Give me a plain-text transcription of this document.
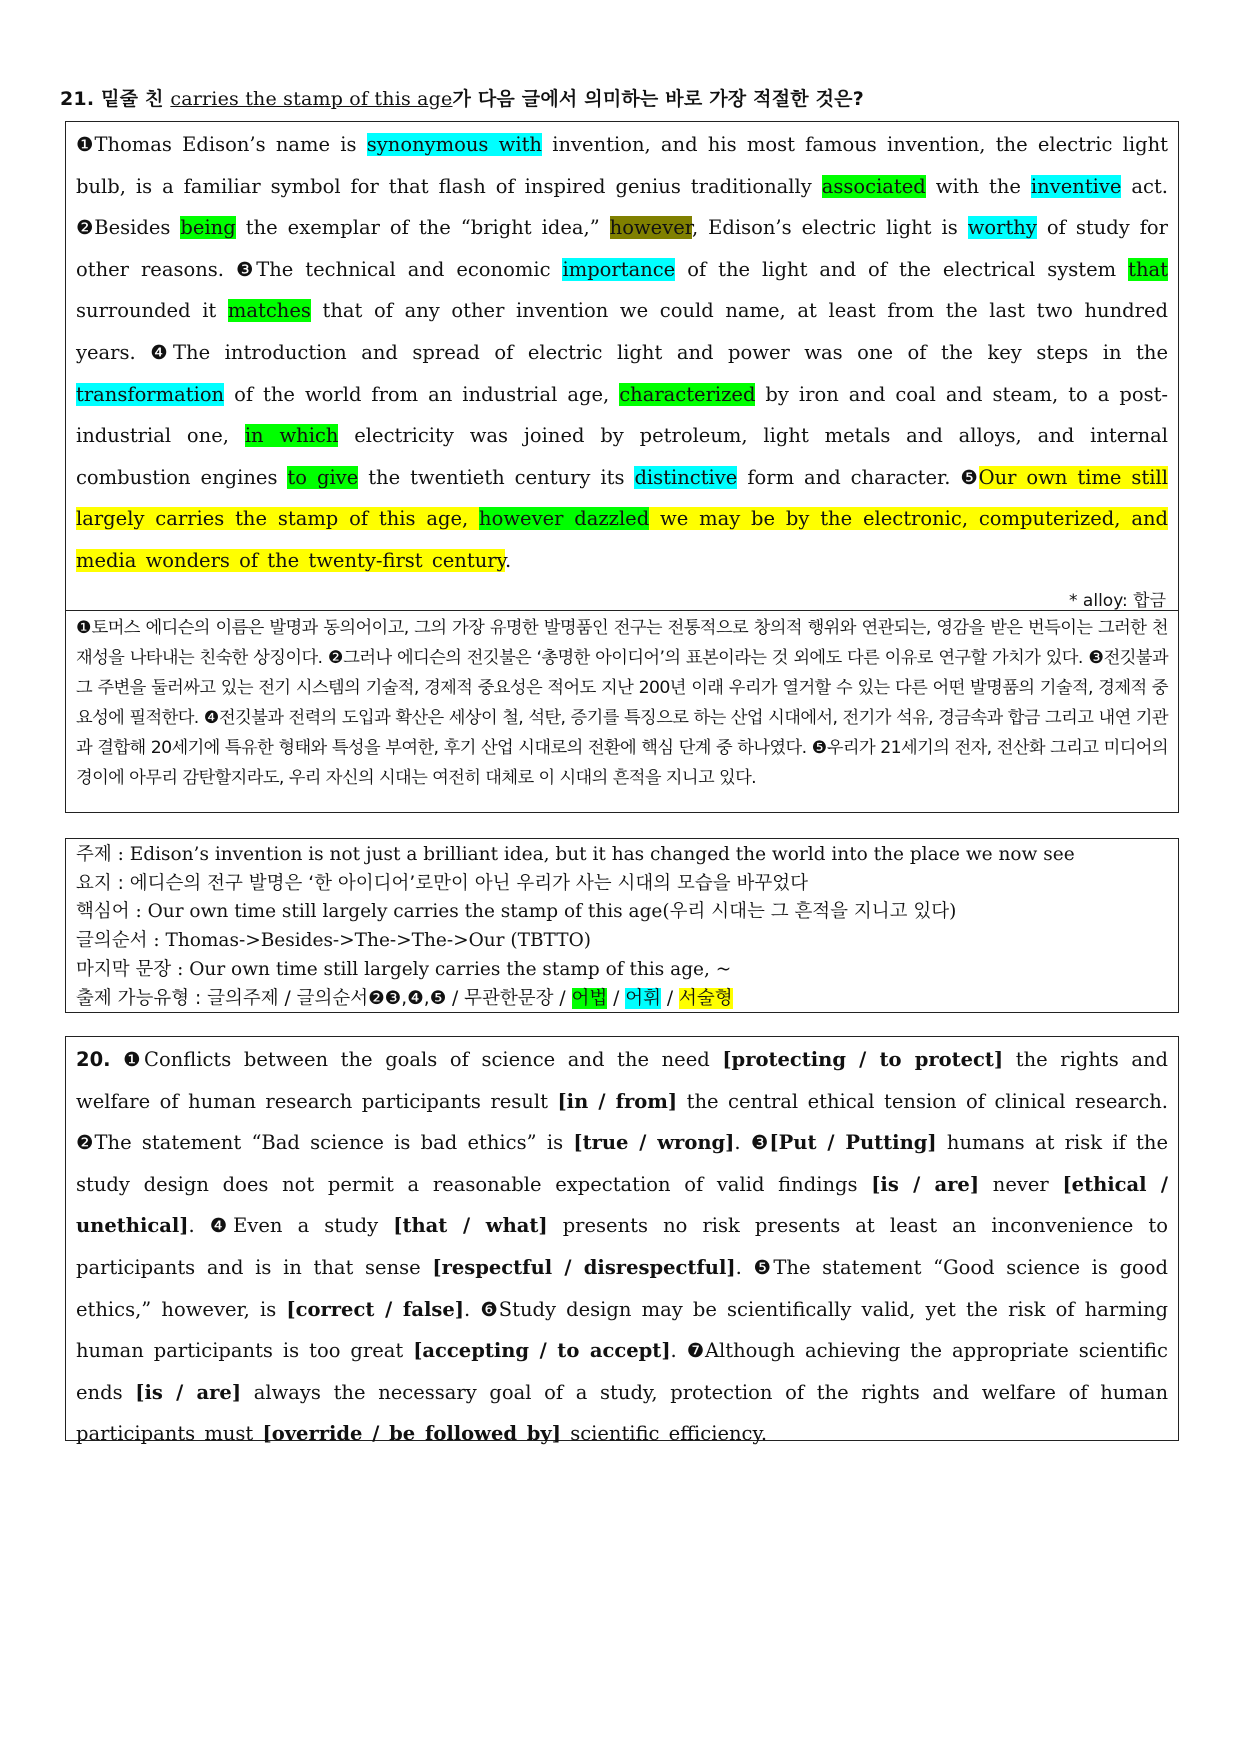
21. 밑줄 친 carries the stamp of this age가 다음 글에서 의미하는 바로 가장 적절한 것은?

❶Thomas Edison’s name is synonymous with invention, and his most famous invention, the electric light bulb, is a familiar symbol for that flash of inspired genius traditionally associated with the inventive act. ❷Besides being the exemplar of the “bright idea,” however, Edison’s electric light is worthy of study for other reasons. ❸The technical and economic importance of the light and of the electrical system that surrounded it matches that of any other invention we could name, at least from the last two hundred years. ❹The introduction and spread of electric light and power was one of the key steps in the transformation of the world from an industrial age, characterized by iron and coal and steam, to a post-industrial one, in which electricity was joined by petroleum, light metals and alloys, and internal combustion engines to give the twentieth century its distinctive form and character. ❺Our own time still largely carries the stamp of this age, however dazzled we may be by the electronic, computerized, and media wonders of the twenty-first century.

* alloy: 합금

❶토머스 에디슨의 이름은 발명과 동의어이고, 그의 가장 유명한 발명품인 전구는 전통적으로 창의적 행위와 연관되는, 영감을 받은 번득이는 그러한 천재성을 나타내는 친숙한 상징이다. ❷그러나 에디슨의 전깃불은 ‘총명한 아이디어’의 표본이라는 것 외에도 다른 이유로 연구할 가치가 있다. ❸전깃불과 그 주변을 둘러싸고 있는 전기 시스템의 기술적, 경제적 중요성은 적어도 지난 200년 이래 우리가 열거할 수 있는 다른 어떤 발명품의 기술적, 경제적 중요성에 필적한다. ❹전깃불과 전력의 도입과 확산은 세상이 철, 석탄, 증기를 특징으로 하는 산업 시대에서, 전기가 석유, 경금속과 합금 그리고 내연 기관과 결합해 20세기에 특유한 형태와 특성을 부여한, 후기 산업 시대로의 전환에 핵심 단계 중 하나였다. ❺우리가 21세기의 전자, 전산화 그리고 미디어의 경이에 아무리 감탄할지라도, 우리 자신의 시대는 여전히 대체로 이 시대의 흔적을 지니고 있다.

주제 : Edison’s invention is not just a brilliant idea, but it has changed the world into the place we now see
요지 : 에디슨의 전구 발명은 ‘한 아이디어’로만이 아닌 우리가 사는 시대의 모습을 바꾸었다
핵심어 : Our own time still largely carries the stamp of this age(우리 시대는 그 흔적을 지니고 있다)
글의순서 : Thomas->Besides->The->The->Our (TBTTO)
마지막 문장 : Our own time still largely carries the stamp of this age, ~
출제 가능유형 : 글의주제 / 글의순서❷❸,❹,❺ / 무관한문장 / 어법 / 어휘 / 서술형

20. ❶Conflicts between the goals of science and the need [protecting / to protect] the rights and welfare of human research participants result [in / from] the central ethical tension of clinical research. ❷The statement “Bad science is bad ethics” is [true / wrong]. ❸[Put / Putting] humans at risk if the study design does not permit a reasonable expectation of valid findings [is / are] never [ethical / unethical]. ❹Even a study [that / what] presents no risk presents at least an inconvenience to participants and is in that sense [respectful / disrespectful]. ❺The statement “Good science is good ethics,” however, is [correct / false]. ❻Study design may be scientifically valid, yet the risk of harming human participants is too great [accepting / to accept]. ❼Although achieving the appropriate scientific ends [is / are] always the necessary goal of a study, protection of the rights and welfare of human participants must [override / be followed by] scientific efficiency.
